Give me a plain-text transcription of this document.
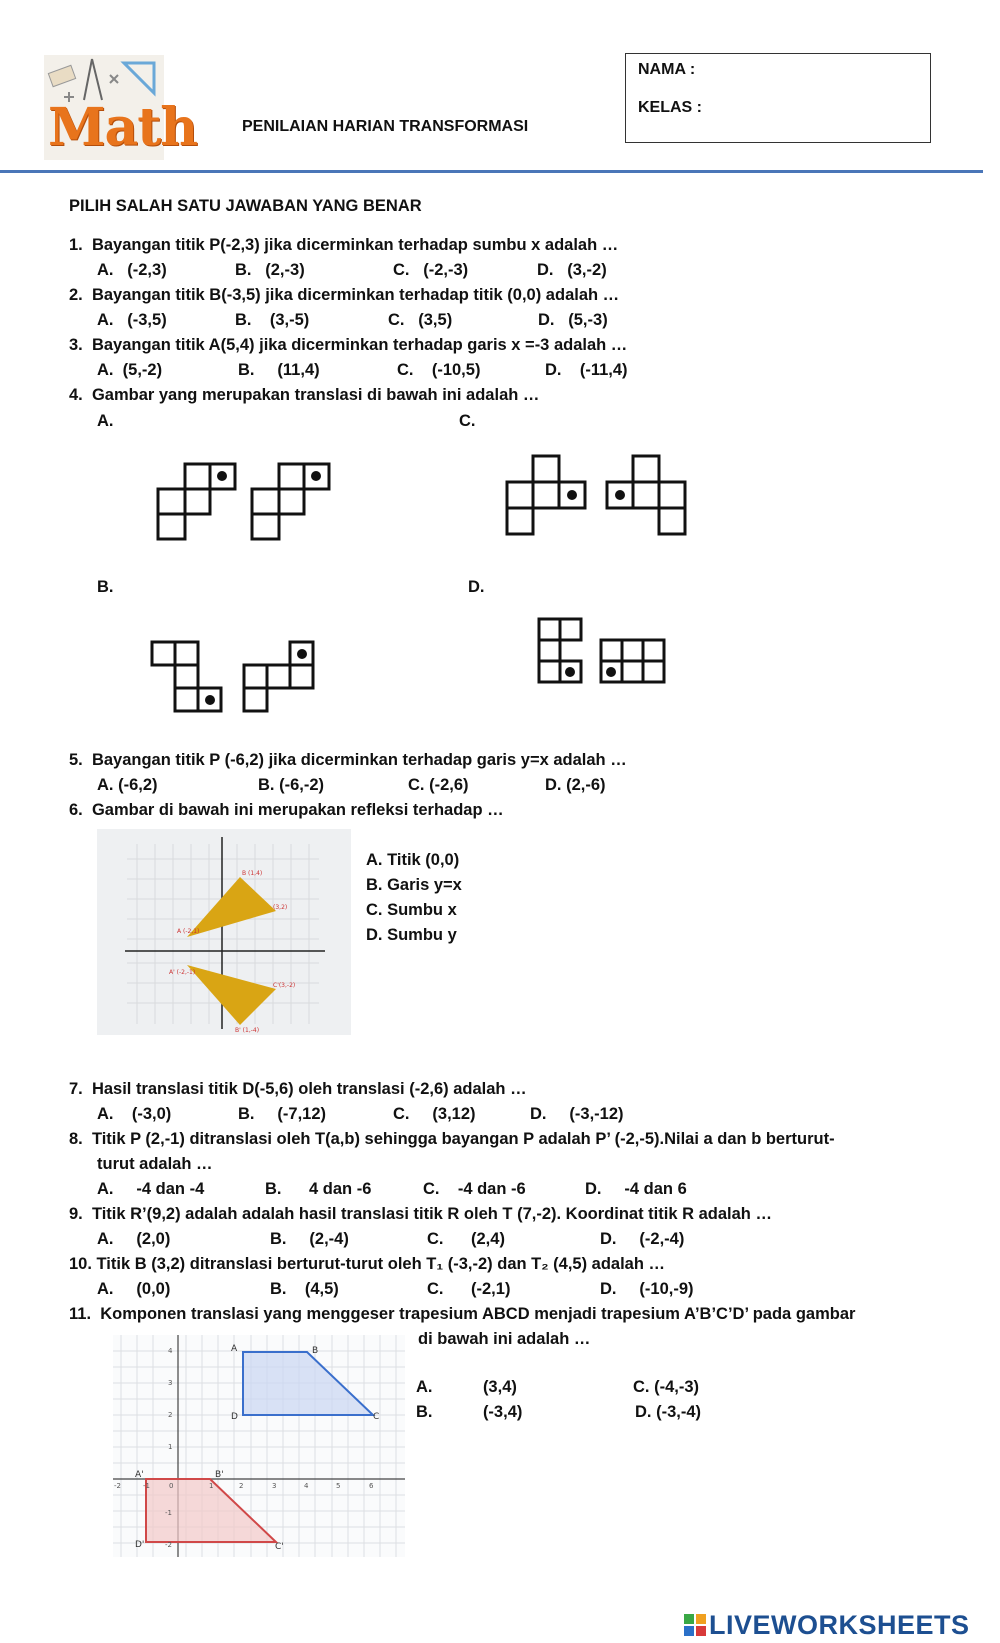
Math	PENILAIAN HARIAN TRANSFORMASI
NAMA :
KELAS :
PILIH SALAH SATU JAWABAN YANG BENAR
1. Bayangan titik P(-2,3) jika dicerminkan terhadap sumbu x adalah …
A. (-2,3)	B. (2,-3)	C. (-2,-3)	D. (3,-2)
2. Bayangan titik B(-3,5) jika dicerminkan terhadap titik (0,0) adalah …
A. (-3,5)	B. (3,-5)	C. (3,5)	D. (5,-3)
3. Bayangan titik A(5,4) jika dicerminkan terhadap garis x =-3 adalah …
A. (5,-2)	B. (11,4)	C. (-10,5)	D. (-11,4)
4. Gambar yang merupakan translasi di bawah ini adalah …
A.	C.
B.	D.
5. Bayangan titik P (-6,2) jika dicerminkan terhadap garis y=x adalah …
A. (-6,2)	B. (-6,-2)	C. (-2,6)	D. (2,-6)
6. Gambar di bawah ini merupakan refleksi terhadap …
B (1,4)
(3,2)
A (-2,1)
A' (-2,-1)
C'(3,-2)
B' (1,-4)
A. Titik (0,0)
B. Garis y=x
C. Sumbu x
D. Sumbu y
7. Hasil translasi titik D(-5,6) oleh translasi (-2,6) adalah …
A. (-3,0)	B. (-7,12)	C. (3,12)	D. (-3,-12)
8. Titik P (2,-1) ditranslasi oleh T(a,b) sehingga bayangan P adalah P’ (-2,-5).Nilai a dan b berturut-
turut adalah …
A. -4 dan -4	B. 4 dan -6	C. -4 dan -6	D. -4 dan 6
9. Titik R’(9,2) adalah adalah hasil translasi titik R oleh T (7,-2). Koordinat titik R adalah …
A. (2,0)	B. (2,-4)	C. (2,4)	D. (-2,-4)
10. Titik B (3,2) ditranslasi berturut-turut oleh T₁ (-3,-2) dan T₂ (4,5) adalah …
A. (0,0)	B. (4,5)	C. (-2,1)	D. (-10,-9)
11. Komponen translasi yang menggeser trapesium ABCD menjadi trapesium A’B’C’D’ pada gambar
di bawah ini adalah …
A	B
C
D
A'	B'
C'
D'
4
3
2
1
-2	-1	0	1	2	3	4	5	6
-1
-2
A.	(3,4)
B.	(-3,4)
C. (-4,-3)
D. (-3,-4)
LIVEWORKSHEETS
